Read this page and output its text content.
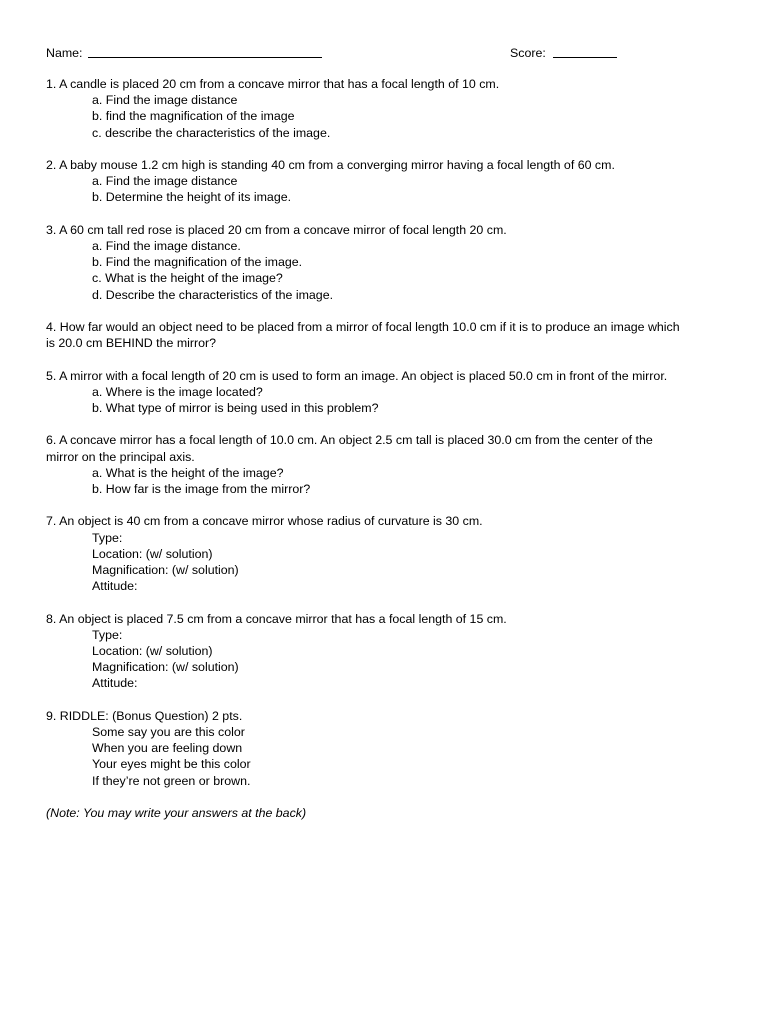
Name:	Score:

1. A candle is placed 20 cm from a concave mirror that has a focal length of 10 cm.

a. Find the image distance

b. find the magnification of the image

c. describe the characteristics of the image.

2. A baby mouse 1.2 cm high is standing 40 cm from a converging mirror having a focal length of 60 cm.

a. Find the image distance

b. Determine the height of its image.

3. A 60 cm tall red rose is placed 20 cm from a concave mirror of focal length 20 cm.

a. Find the image distance.

b. Find the magnification of the image.

c. What is the height of the image?

d. Describe the characteristics of the image.

4. How far would an object need to be placed from a mirror of focal length 10.0 cm if it is to produce an image which

is 20.0 cm BEHIND the mirror?

5. A mirror with a focal length of 20 cm is used to form an image. An object is placed 50.0 cm in front of the mirror.

a. Where is the image located?

b. What type of mirror is being used in this problem?

6. A concave mirror has a focal length of 10.0 cm. An object 2.5 cm tall is placed 30.0 cm from the center of the

mirror on the principal axis.

a. What is the height of the image?

b. How far is the image from the mirror?

7. An object is 40 cm from a concave mirror whose radius of curvature is 30 cm.

Type:

Location: (w/ solution)

Magnification: (w/ solution)

Attitude:

8. An object is placed 7.5 cm from a concave mirror that has a focal length of 15 cm.

Type:

Location: (w/ solution)

Magnification: (w/ solution)

Attitude:

9. RIDDLE: (Bonus Question) 2 pts.

Some say you are this color

When you are feeling down

Your eyes might be this color

If they’re not green or brown.

(Note: You may write your answers at the back)
